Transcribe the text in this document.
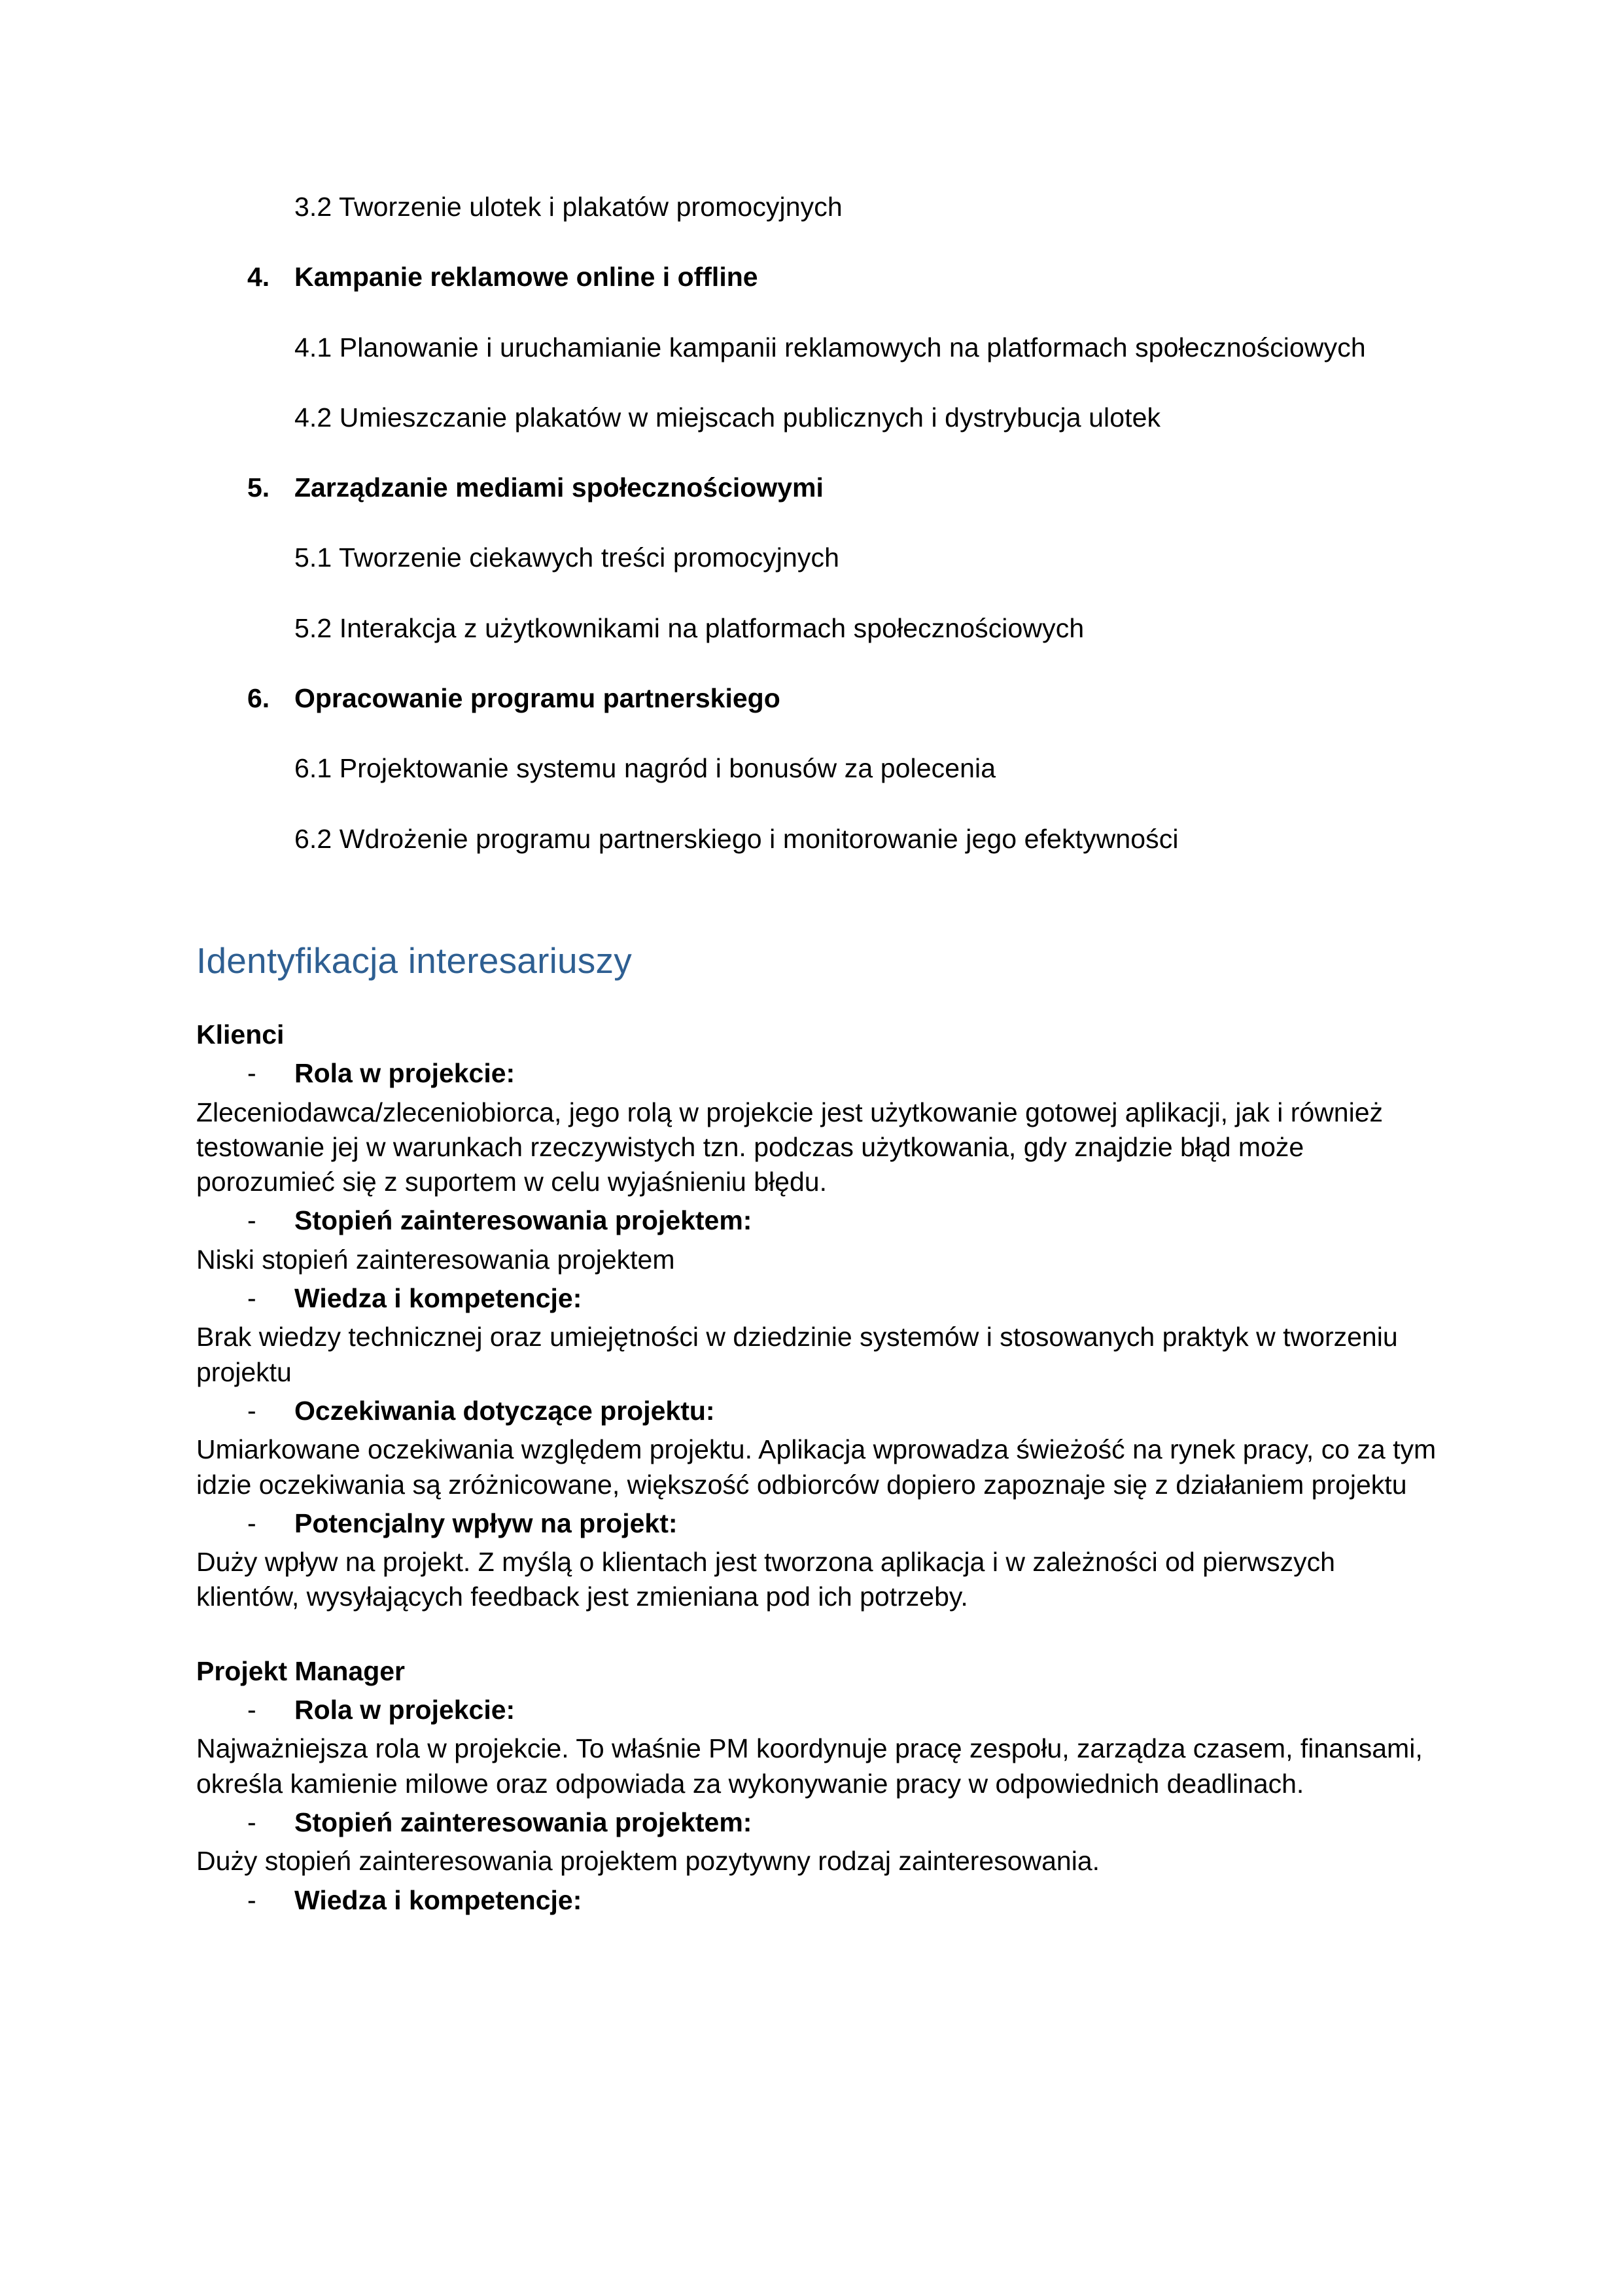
3.2 Tworzenie ulotek i plakatów promocyjnych

4. Kampanie reklamowe online i offline

4.1 Planowanie i uruchamianie kampanii reklamowych na platformach społecznościowych

4.2 Umieszczanie plakatów w miejscach publicznych i dystrybucja ulotek

5. Zarządzanie mediami społecznościowymi

5.1 Tworzenie ciekawych treści promocyjnych

5.2 Interakcja z użytkownikami na platformach społecznościowych

6. Opracowanie programu partnerskiego

6.1 Projektowanie systemu nagród i bonusów za polecenia

6.2 Wdrożenie programu partnerskiego i monitorowanie jego efektywności

Identyfikacja interesariuszy
Klienci
-	Rola w projekcie:

Zleceniodawca/zleceniobiorca, jego rolą w projekcie jest użytkowanie gotowej aplikacji, jak i również testowanie jej w warunkach rzeczywistych tzn. podczas użytkowania, gdy znajdzie błąd może porozumieć się z suportem w celu wyjaśnieniu błędu.

-	Stopień zainteresowania projektem:

Niski stopień zainteresowania projektem

-	Wiedza i kompetencje:

Brak wiedzy technicznej oraz umiejętności w dziedzinie systemów i stosowanych praktyk w tworzeniu projektu

-	Oczekiwania dotyczące projektu:

Umiarkowane oczekiwania względem projektu. Aplikacja wprowadza świeżość na rynek pracy, co za tym idzie oczekiwania są zróżnicowane, większość odbiorców dopiero zapoznaje się z działaniem projektu

-	Potencjalny wpływ na projekt:

Duży wpływ na projekt. Z myślą o klientach jest tworzona aplikacja i w zależności od pierwszych klientów, wysyłających feedback jest zmieniana pod ich potrzeby.

Projekt Manager
-	Rola w projekcie:

Najważniejsza rola w projekcie. To właśnie PM koordynuje pracę zespołu, zarządza czasem, finansami, określa kamienie milowe oraz odpowiada za wykonywanie pracy w odpowiednich deadlinach.

-	Stopień zainteresowania projektem:

Duży stopień zainteresowania projektem pozytywny rodzaj zainteresowania.

-	Wiedza i kompetencje:
